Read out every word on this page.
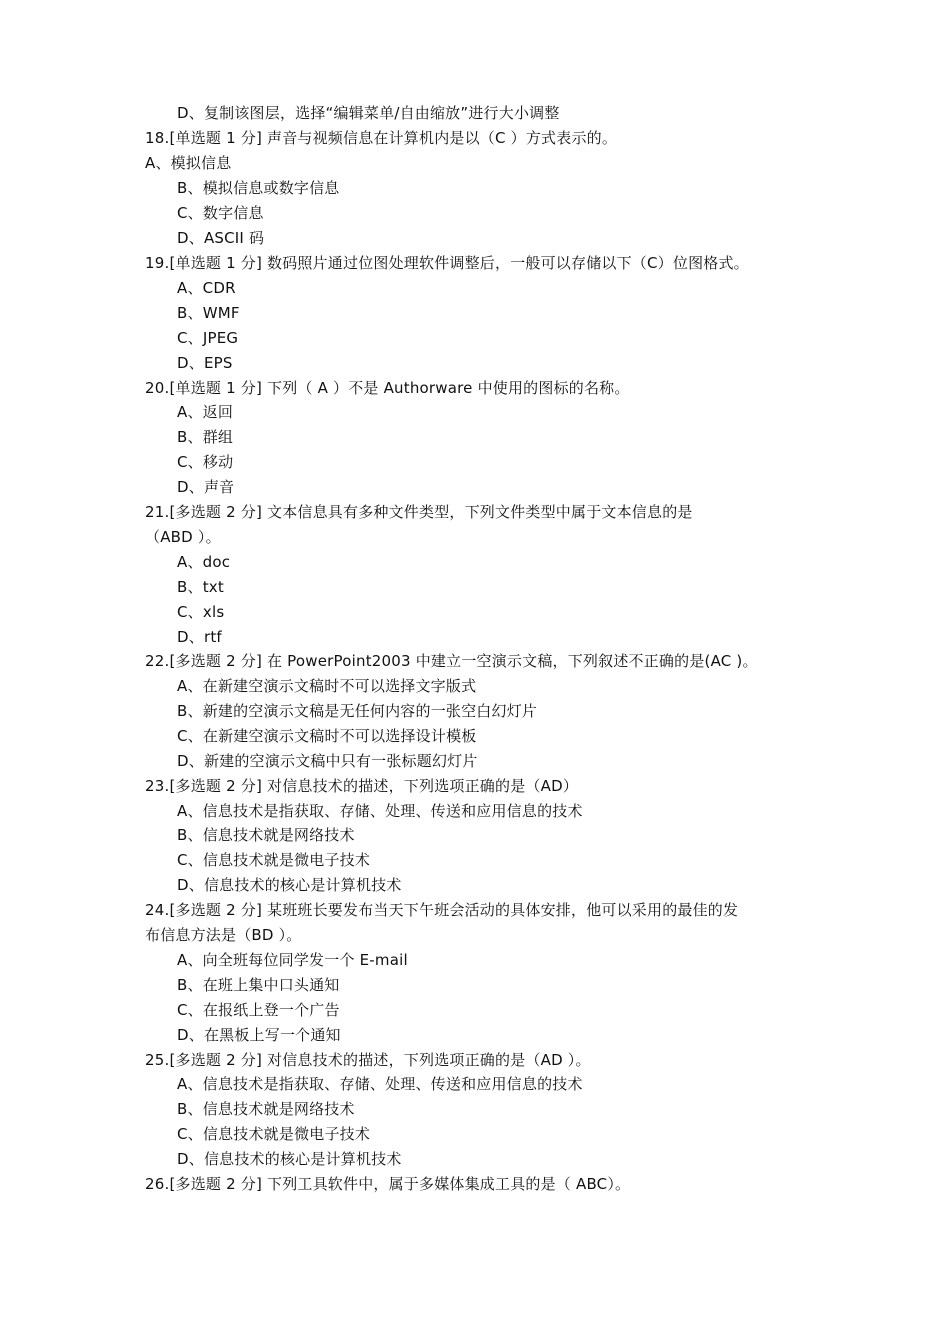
D、复制该图层，选择“编辑菜单/自由缩放”进行大小调整
18.[单选题 1 分] 声音与视频信息在计算机内是以（C ）方式表示的。
A、模拟信息
B、模拟信息或数字信息
C、数字信息
D、ASCII 码
19.[单选题 1 分] 数码照片通过位图处理软件调整后，一般可以存储以下（C）位图格式。
A、CDR
B、WMF
C、JPEG
D、EPS
20.[单选题 1 分] 下列（ A ）不是 Authorware 中使用的图标的名称。
A、返回
B、群组
C、移动
D、声音
21.[多选题 2 分] 文本信息具有多种文件类型，下列文件类型中属于文本信息的是
（ABD ）。
A、doc
B、txt
C、xls
D、rtf
22.[多选题 2 分] 在 PowerPoint2003 中建立一空演示文稿，下列叙述不正确的是(AC )。
A、在新建空演示文稿时不可以选择文字版式
B、新建的空演示文稿是无任何内容的一张空白幻灯片
C、在新建空演示文稿时不可以选择设计模板
D、新建的空演示文稿中只有一张标题幻灯片
23.[多选题 2 分] 对信息技术的描述，下列选项正确的是（AD）
A、信息技术是指获取、存储、处理、传送和应用信息的技术
B、信息技术就是网络技术
C、信息技术就是微电子技术
D、信息技术的核心是计算机技术
24.[多选题 2 分] 某班班长要发布当天下午班会活动的具体安排，他可以采用的最佳的发
布信息方法是（BD ）。
A、向全班每位同学发一个 E-mail
B、在班上集中口头通知
C、在报纸上登一个广告
D、在黑板上写一个通知
25.[多选题 2 分] 对信息技术的描述，下列选项正确的是（AD ）。
A、信息技术是指获取、存储、处理、传送和应用信息的技术
B、信息技术就是网络技术
C、信息技术就是微电子技术
D、信息技术的核心是计算机技术
26.[多选题 2 分] 下列工具软件中，属于多媒体集成工具的是（ ABC）。
